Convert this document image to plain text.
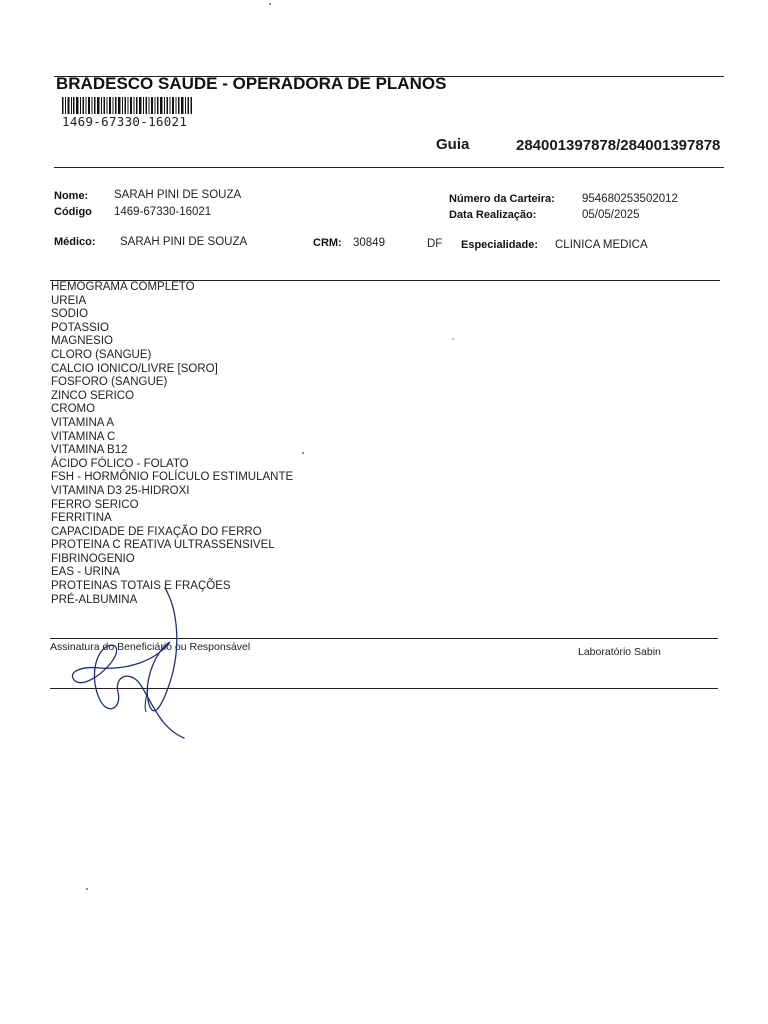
BRADESCO SAUDE - OPERADORA DE PLANOS
1469-67330-16021
Guia	284001397878/284001397878
Nome: SARAH PINI DE SOUZA
Código 1469-67330-16021
Número da Carteira: 954680253502012
Data Realização:	05/05/2025
Médico: SARAH PINI DE SOUZA	CRM: 30849	DF Especialidade: CLINICA MEDICA
HEMOGRAMA COMPLETO
UREIA
SODIO
POTASSIO
MAGNESIO
CLORO (SANGUE)
CALCIO IONICO/LIVRE [SORO]
FOSFORO (SANGUE)
ZINCO SERICO
CROMO
VITAMINA A
VITAMINA C
VITAMINA B12
ÁCIDO FÓLICO - FOLATO
FSH - HORMÔNIO FOLÍCULO ESTIMULANTE
VITAMINA D3 25-HIDROXI
FERRO SERICO
FERRITINA
CAPACIDADE DE FIXAÇÃO DO FERRO
PROTEINA C REATIVA ULTRASSENSIVEL
FIBRINOGENIO
EAS - URINA
PROTEINAS TOTAIS E FRAÇÕES
PRÉ-ALBUMINA
Assinatura do Beneficiário ou Responsável	Laboratório Sabin
